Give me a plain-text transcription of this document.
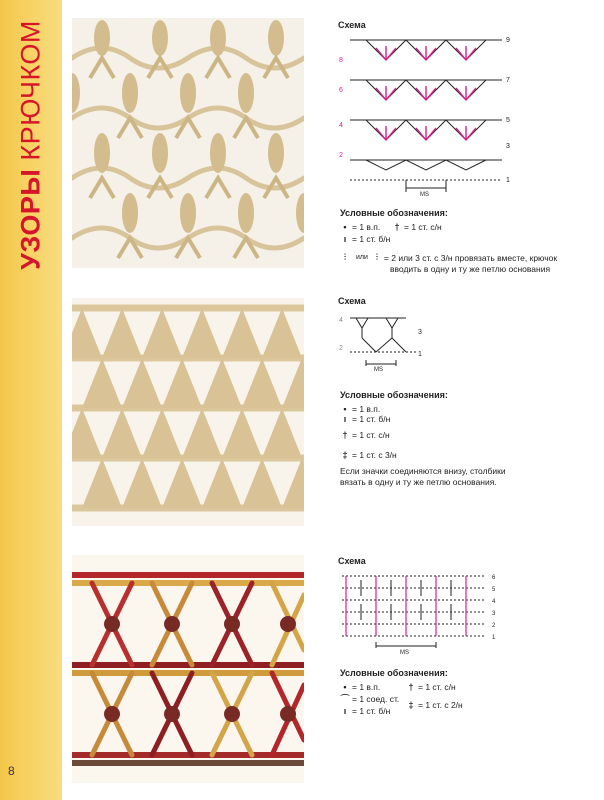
УЗОРЫ КРЮЧКОМ
8
Схема
9
7
5
3
1
8
6
4
2
MS
Условные обозначения:
• = 1 в.п. † = 1 ст. с/н
ı = 1 ст. б/н
⫶	или ⫶ = 2 или 3 ст. с 3/н провязать вместе, крючок
вводить в одну и ту же петлю основания
Схема
3
1
4
2
MS
Условные обозначения:
• = 1 в.п.
ı = 1 ст. б/н
† = 1 ст. с/н
‡ = 1 ст. с 3/н
Если значки соединяются внизу, столбики
вязать в одну и ту же петлю основания.
Схема
6
5
4
3
2
1
MS
Условные обозначения:
• = 1 в.п.	† = 1 ст. с/н
⌒ = 1 соед. ст.
ı = 1 ст. б/н
‡ = 1 ст. с 2/н
